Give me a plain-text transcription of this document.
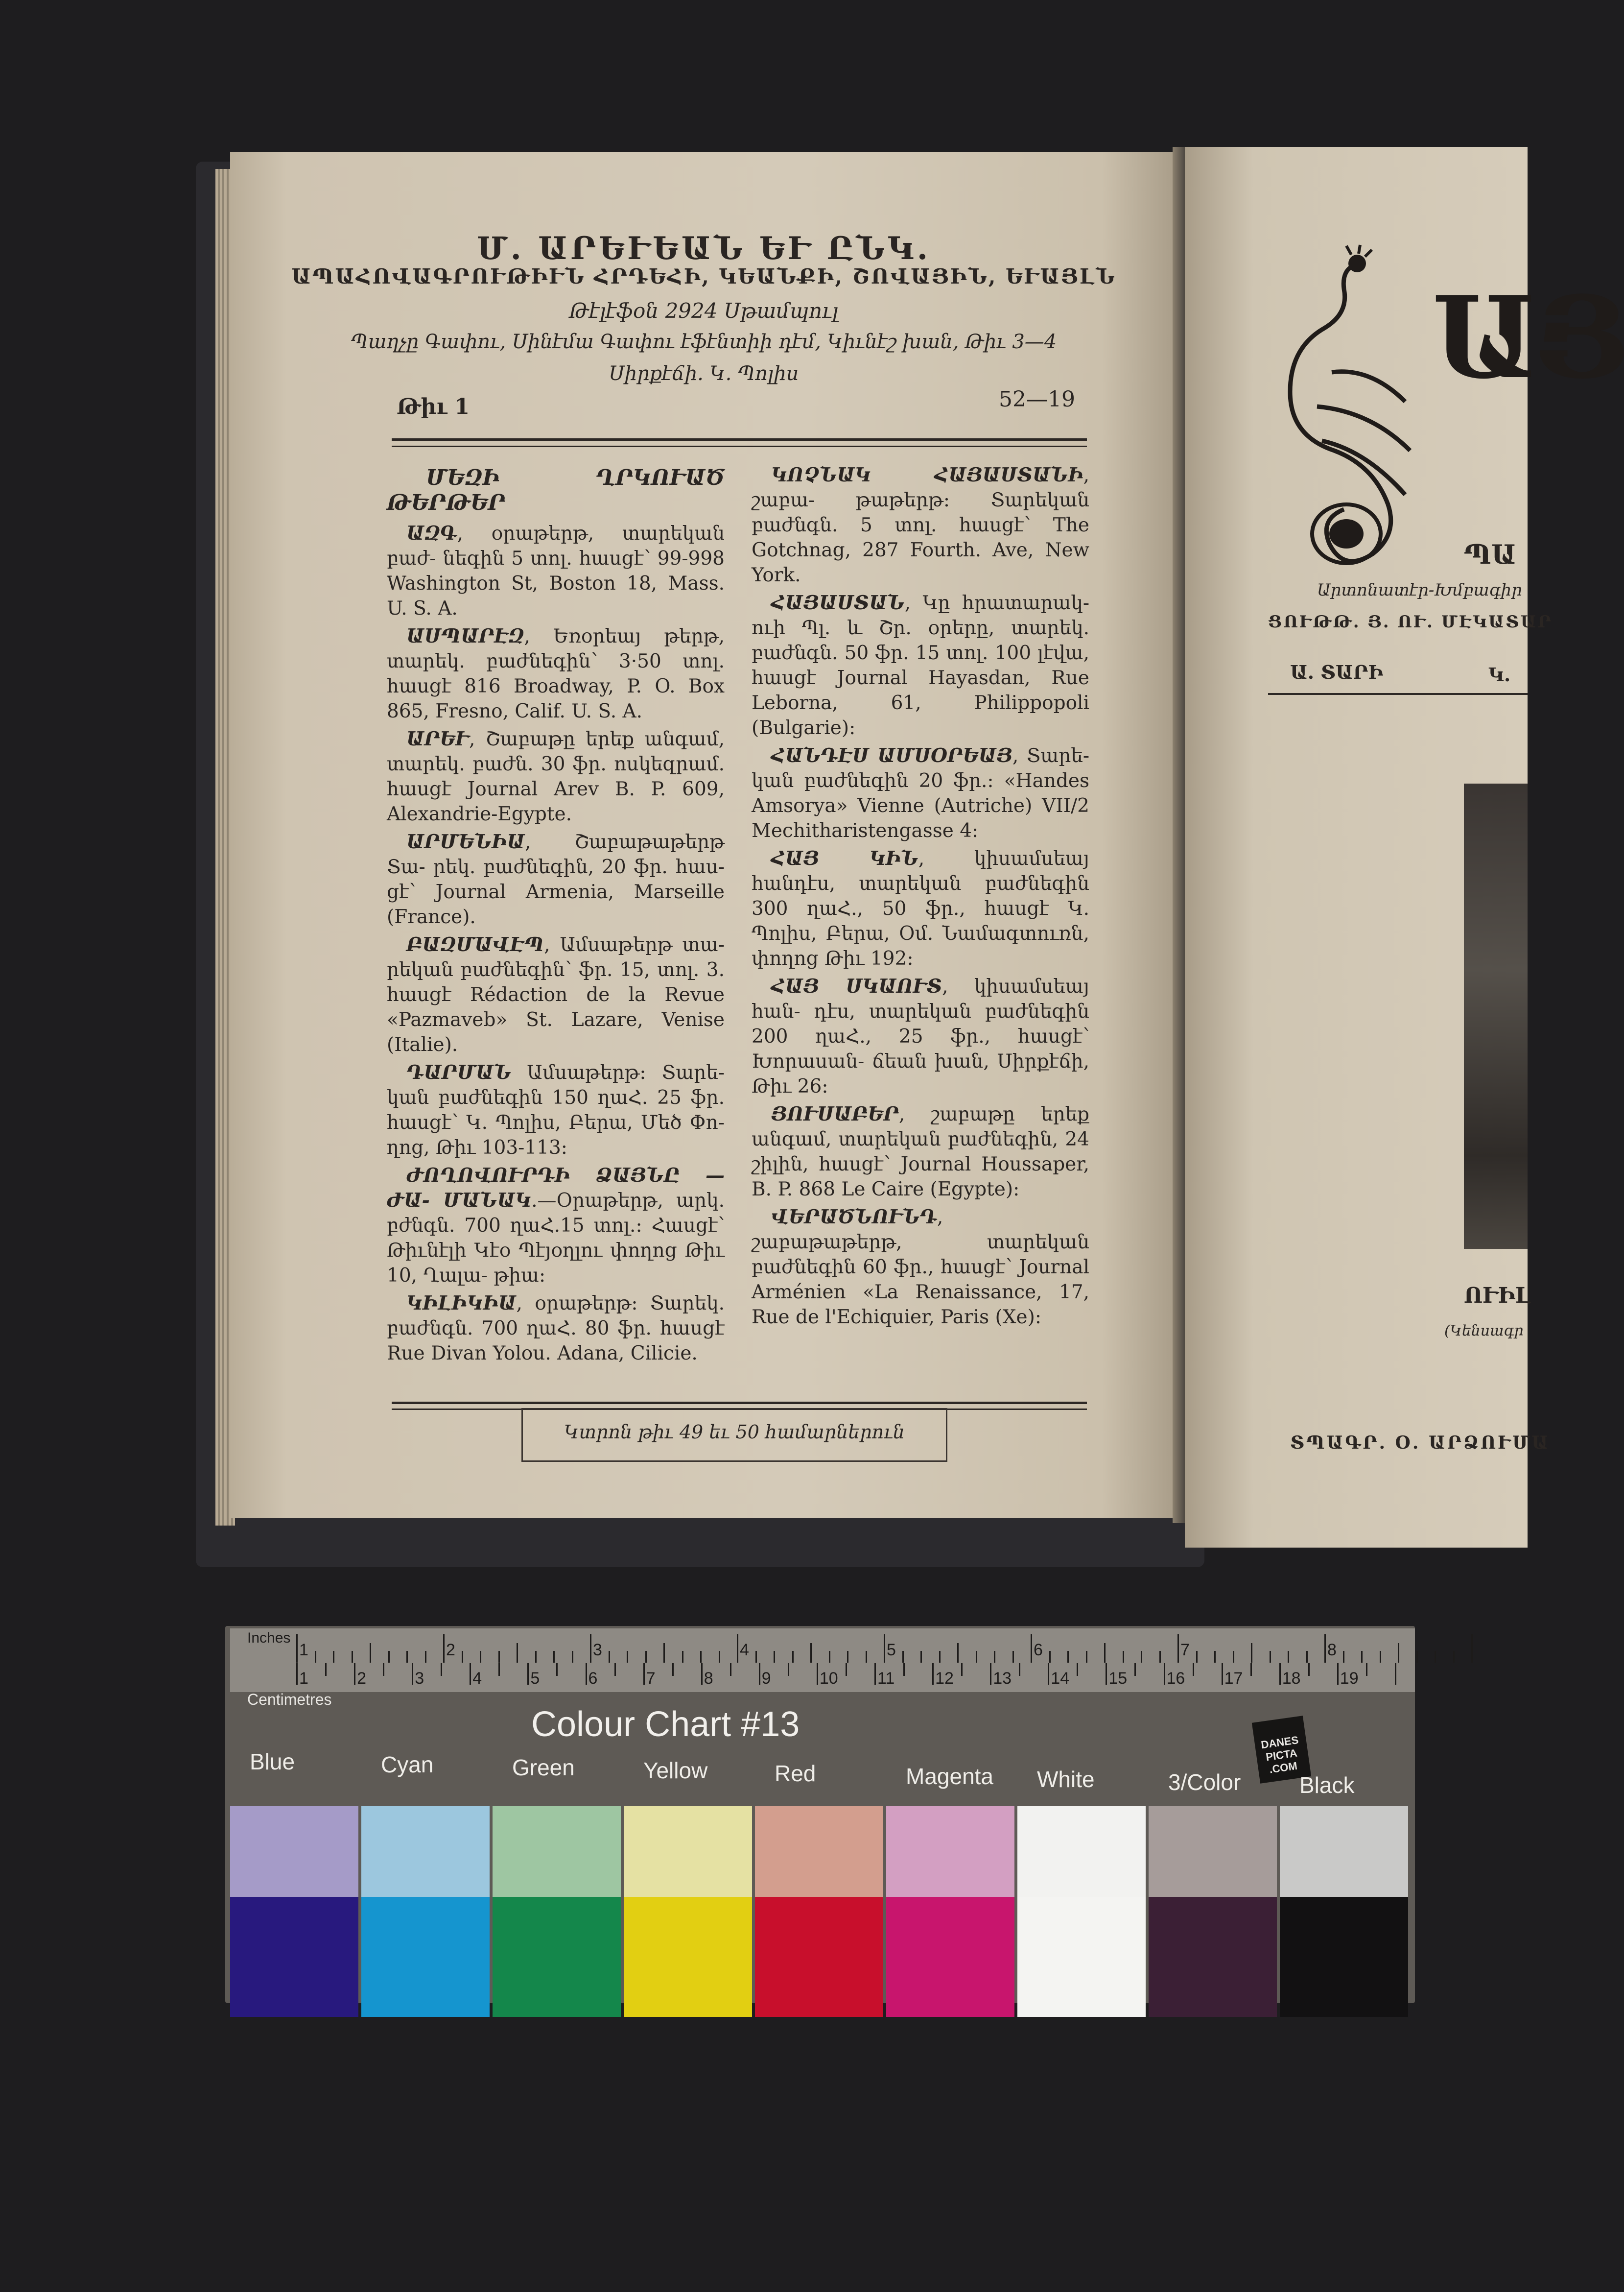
Մ. ԱՐԵՒԵԱՆ ԵՒ ԸՆԿ.
ԱՊԱՀՈՎԱԳՐՈՒԹԻՒՆ ՀՐԴԵՀԻ, ԿԵԱՆՔԻ, ՇՈՎԱՅԻՆ, ԵՒԱՅԼՆ
Թէլէֆօն 2924 Սթամպուլ
Պաղչը Գափու, Սինէմա Գափու էֆէնտիի դէմ, Կիւնէշ խան, Թիւ 3—4
Սիրքէճի. Կ. Պոլիս
Թիւ 1	52—19

ՄԵԶԻ ՂՐԿՈՒԱԾ ԹԵՐԹԵՐ

ԱԶԳ, օրաթերթ, տարեկան բաժ- նեգին 5 տոլ. հասցէ՝ 99-998 Washington St, Boston 18, Mass. U. S. A.

ԱՍՊԱՐԷԶ, Եռօրեայ թերթ, տարեկ. բաժնեգին՝ 3·50 տոլ. հասցէ 816 Broadway, P. O. Box 865, Fresno, Calif. U. S. A.

ԱՐԵՒ, Շաբաթը երեք անգամ, տարեկ. բաժն. 30 ֆր. ոսկեզրամ. հասցէ Journal Arev B. P. 609, Alexandrie-Egypte.

ԱՐՄԵՆԻԱ, Շաբաթաթերթ Տա- րեկ. բաժնեգին, 20 ֆր. հաս- ցէ՝ Journal Armenia, Marseille (France).

ԲԱԶՄԱՎԷՊ, Ամսաթերթ տա- րեկան բաժնեգին՝ ֆր. 15, տոլ. 3. հասցէ Rédaction de la Revue «Pazmaveb» St. Lazare, Venise (Italie).

ԴԱՐՄԱՆ Ամսաթերթ։ Տարե- կան բաժնեգին 150 ղաՀ. 25 ֆր. հասցէ՝ Կ. Պոլիս, Բերա, Մեծ Փո- ղոց, Թիւ 103-113։

ԺՈՂՈՎՈՒՐԴԻ ՁԱՅՆԸ — ԺԱ- ՄԱՆԱԿ.—Օրաթերթ, արկ. բժնգն. 700 ղաՀ.15 տոլ.։ Հասցէ՝ Թիւնէլի Կէօ Պէյօղլու փողոց Թիւ 10, Ղալա- թիա։

ԿԻԼԻԿԻԱ, օրաթերթ։ Տարեկ. բաժնգն. 700 ղաՀ. 80 ֆր. հասցէ Rue Divan Yolou. Adana, Cilicie.

ԿՈՉՆԱԿ ՀԱՅԱՍՏԱՆԻ, շաբա- թաթերթ։ Տարեկան բաժնգն. 5 տոլ. հասցէ՝ The Gotchnag, 287 Fourth. Ave, New York.

ՀԱՅԱՍՏԱՆ, Կը հրատարակ- ուի Պլ. և Շր. օրերը, տարեկ. բաժնգն. 50 ֆր. 15 տոլ. 100 լէվա, հասցէ Journal Hayasdan, Rue Leborna, 61, Philippopoli (Bulgarie)։

ՀԱՆԴԷՍ ԱՄՍՕՐԵԱՅ, Տարե- կան բաժնեգին 20 ֆր.։ «Handes Amsorya» Vienne (Autriche) VII/2 Mechitharistengasse 4։

ՀԱՅ ԿԻՆ, կիսամսեայ հանդէս, տարեկան բաժնեգին 300 ղաՀ., 50 ֆր., հասցէ Կ. Պոլիս, Բերա, Օմ. Նամագտուռն, փողոց Թիւ 192։

ՀԱՅ ՍԿԱՈՒՏ, կիսամսեայ հան- դէս, տարեկան բաժնեգին 200 ղաՀ., 25 ֆր., հասցէ՝ Խորասան- ճեան խան, Սիրքէճի, Թիւ 26։

ՅՈՒՍԱԲԵՐ, շաբաթը երեք անգամ, տարեկան բաժնեգին, 24 շիլին, հասցէ՝ Journal Houssaper, B. P. 868 Le Caire (Egypte)։

ՎԵՐԱԾՆՈՒՆԴ, շաբաթաթերթ, տարեկան բաժնեգին 60 ֆր., հասցէ՝ Journal Arménien «La Renaissance, 17, Rue de l'Echiquier, Paris (Xe)։

Կտրոն թիւ 49 եւ 50 համարներուն
ԱՅ
ՊԱ
Արտոնատէր-Խմբագիր
ՑՈՒԹԹ. Յ. ՈՒ. ՄԷԿԱՏԱՐ
Ա. ՏԱՐԻ	Կ.
ՈՒԻԼ
(Կենսագր
ՏՊԱԳՐ. Օ. ԱՐՁՈՒՄԱ
1	2	3	4	5	6	7	8
1	2	3	4	5	6	7	8	9	10 11 12 13 14 15 16 17 18 19
Inches
Centimetres
Colour Chart #13	DANES PICTA .COM
Blue	Cyan	Green	Yellow	Red	Magenta White	3/Color	Black
